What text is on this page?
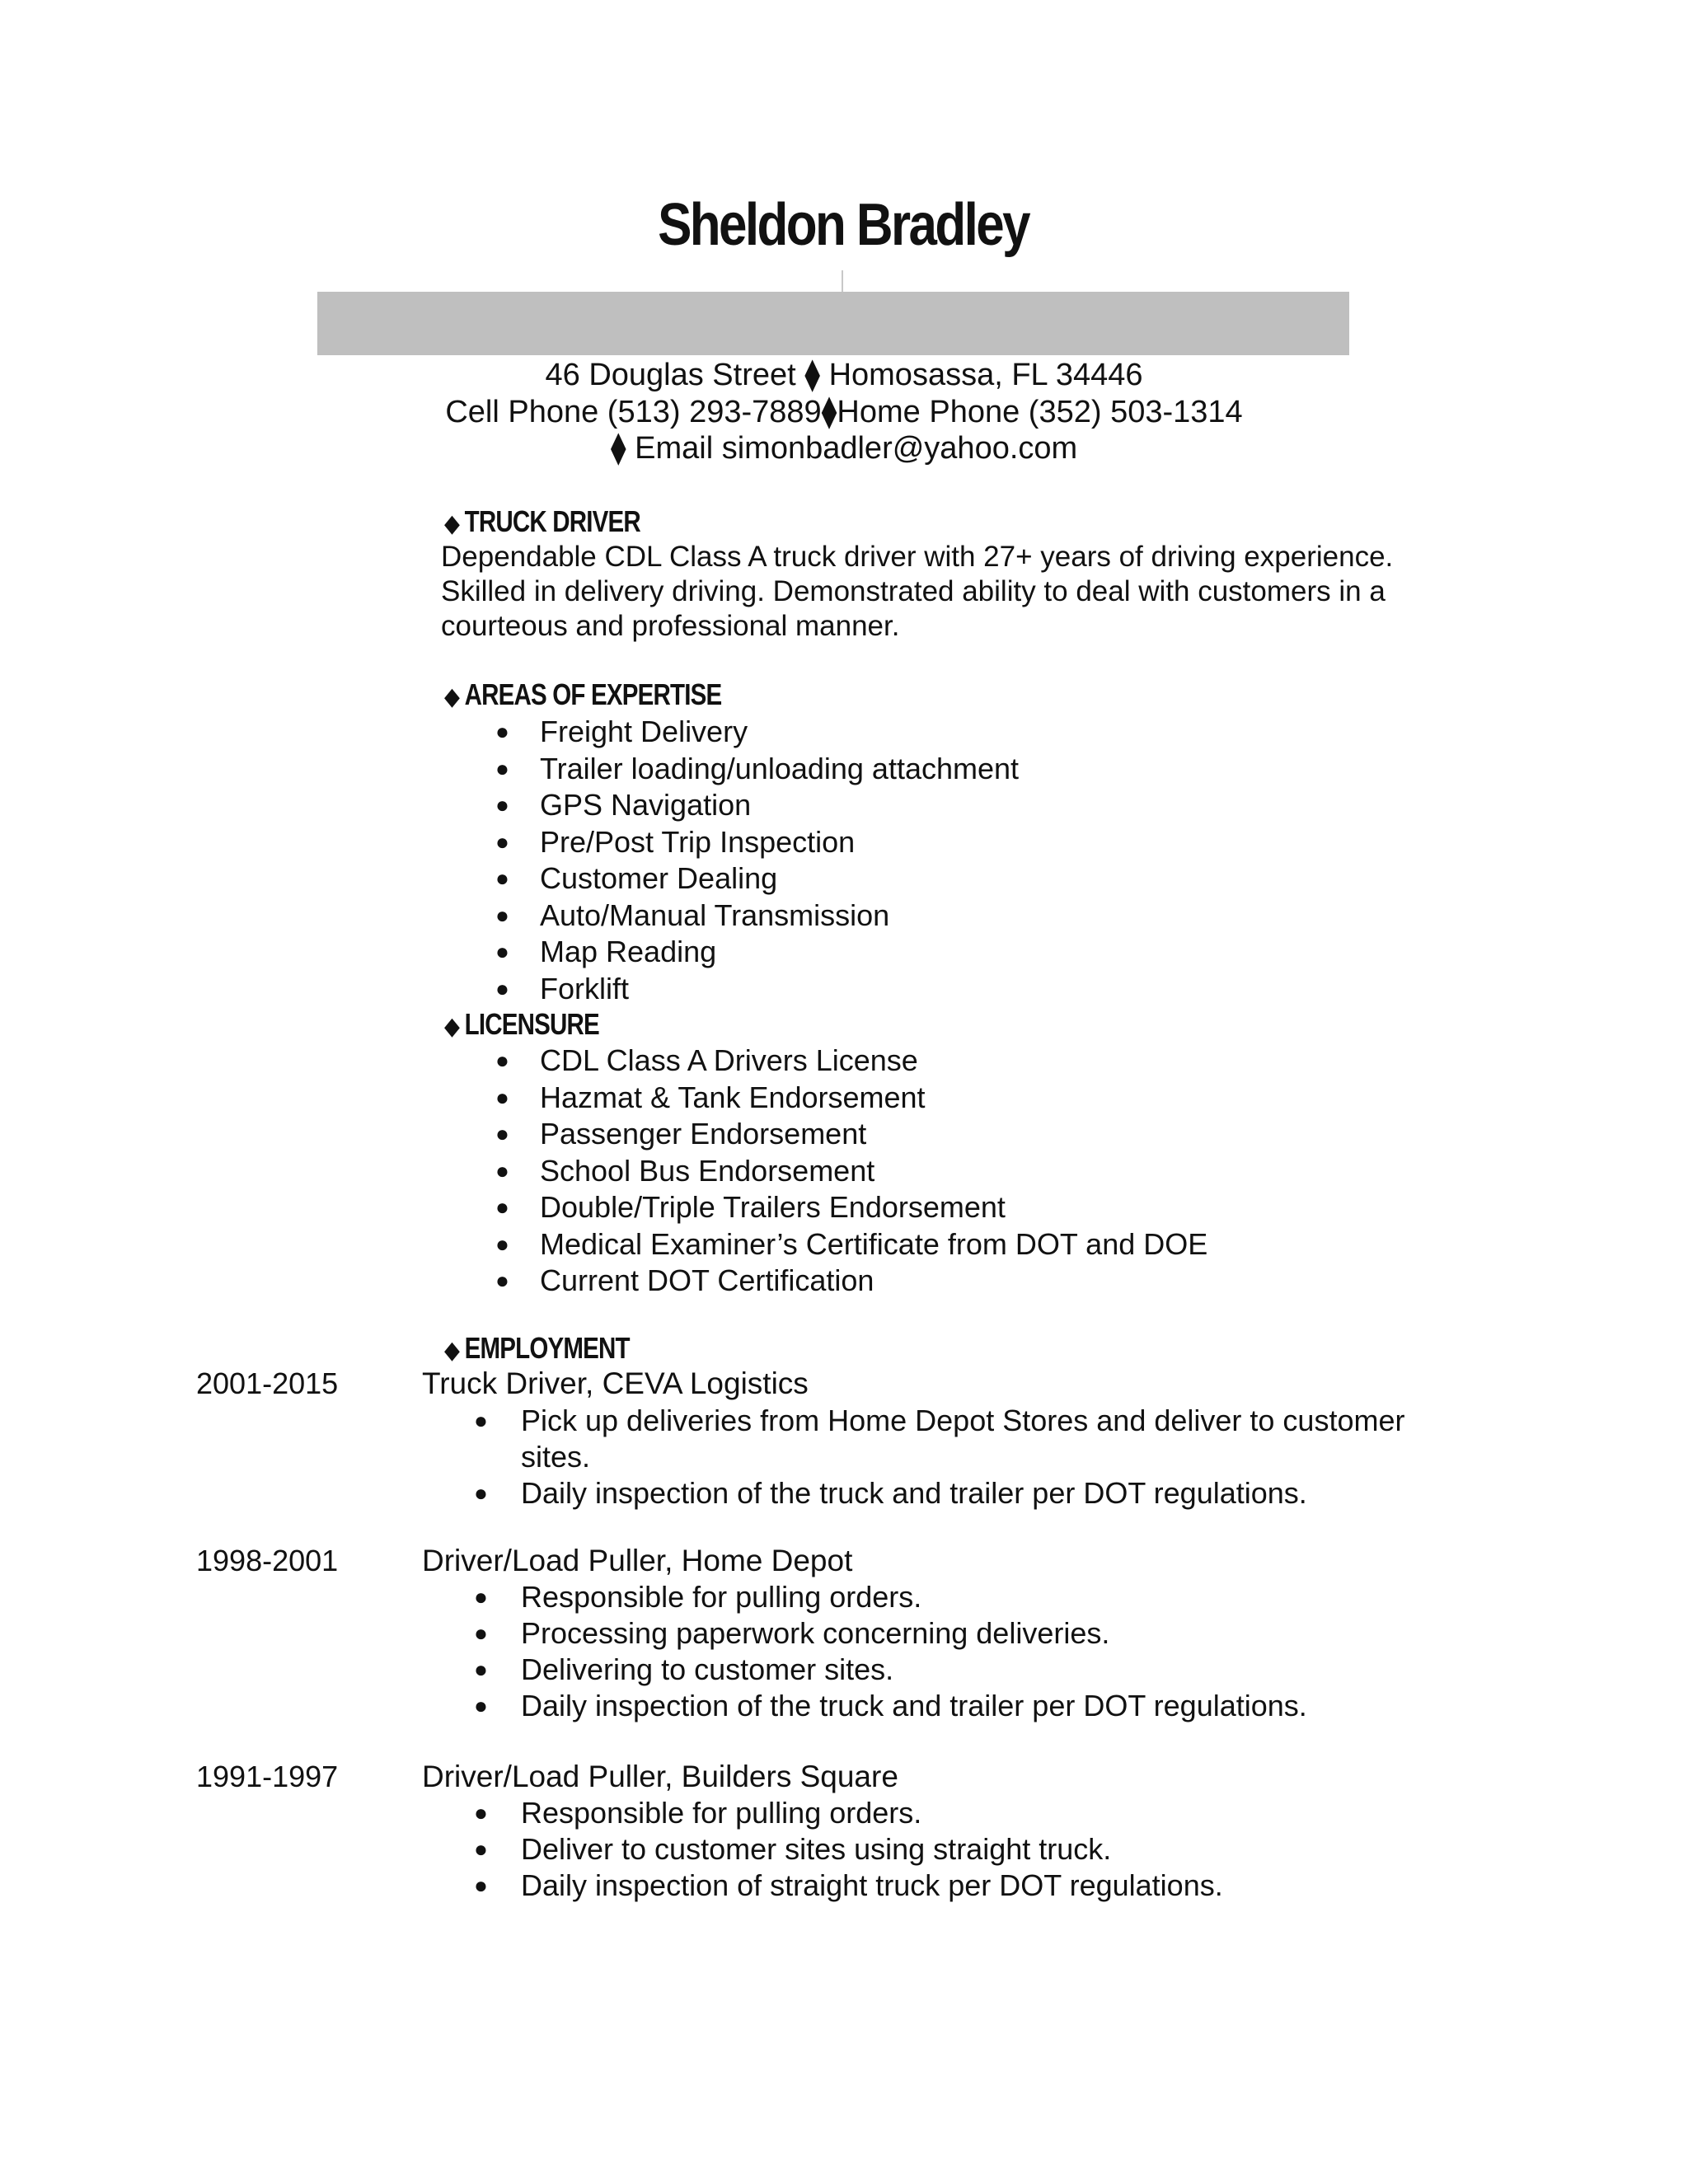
Sheldon Bradley
46 Douglas Street ⧫ Homosassa, FL 34446
Cell Phone (513) 293-7889⧫Home Phone (352) 503-1314
⧫ Email simonbadler@yahoo.com
◆ TRUCK DRIVER
Dependable CDL Class A truck driver with 27+ years of driving experience.
Skilled in delivery driving. Demonstrated ability to deal with customers in a
courteous and professional manner.
◆ AREAS OF EXPERTISE
● Freight Delivery
● Trailer loading/unloading attachment
● GPS Navigation
● Pre/Post Trip Inspection
● Customer Dealing
● Auto/Manual Transmission
● Map Reading
● Forklift
◆ LICENSURE
● CDL Class A Drivers License
● Hazmat & Tank Endorsement
● Passenger Endorsement
● School Bus Endorsement
● Double/Triple Trailers Endorsement
● Medical Examiner’s Certificate from DOT and DOE
● Current DOT Certification
◆ EMPLOYMENT
2001-2015	Truck Driver, CEVA Logistics
● Pick up deliveries from Home Depot Stores and deliver to customer sites.
● Daily inspection of the truck and trailer per DOT regulations.
1998-2001	Driver/Load Puller, Home Depot
● Responsible for pulling orders.
● Processing paperwork concerning deliveries.
● Delivering to customer sites.
● Daily inspection of the truck and trailer per DOT regulations.
1991-1997	Driver/Load Puller, Builders Square
● Responsible for pulling orders.
● Deliver to customer sites using straight truck.
● Daily inspection of straight truck per DOT regulations.
